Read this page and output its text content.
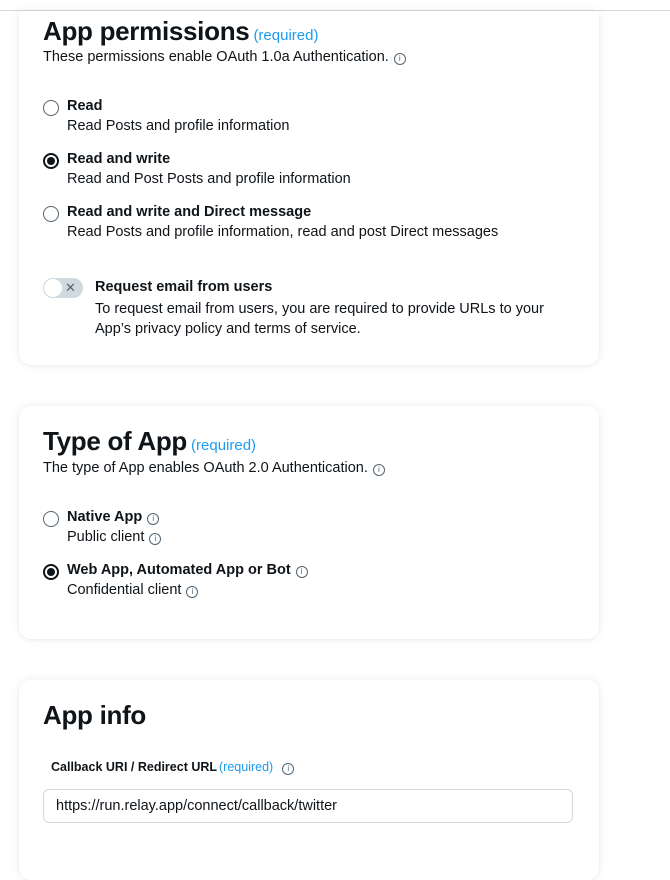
App permissions (required)
These permissions enable OAuth 1.0a Authentication. i
Read
Read Posts and profile information
Read and write
Read and Post Posts and profile information
Read and write and Direct message
Read Posts and profile information, read and post Direct messages
✕ Request email from users
To request email from users, you are required to provide URLs to your App’s privacy policy and terms of service.
Type of App (required)
The type of App enables OAuth 2.0 Authentication. i
Native App i
Public client i
Web App, Automated App or Bot i
Confidential client i
App info
Callback URI / Redirect URL (required) i
https://run.relay.app/connect/callback/twitter
